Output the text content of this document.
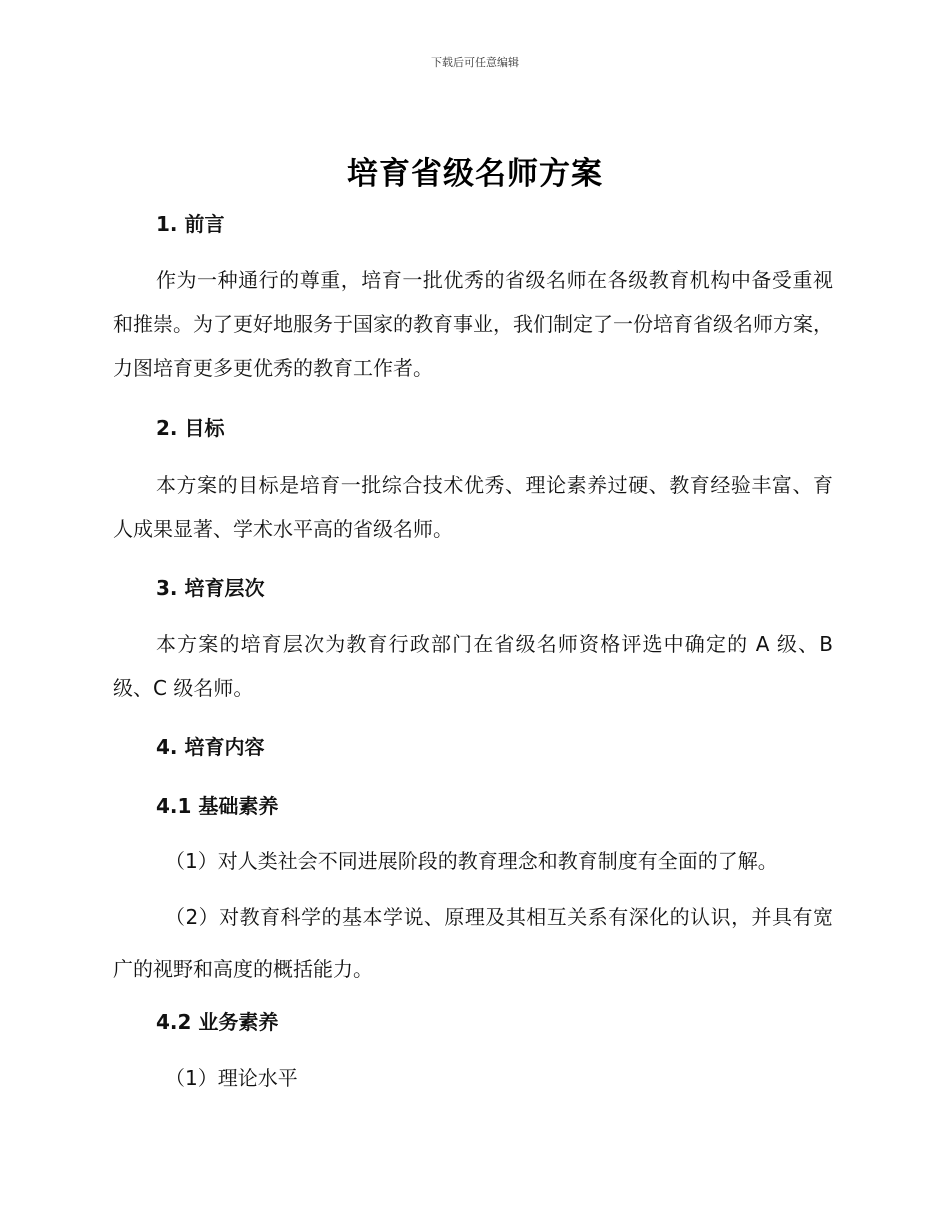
下载后可任意编辑
培育省级名师方案
1. 前言
作为一种通行的尊重，培育一批优秀的省级名师在各级教育机构中备受重视和推崇。为了更好地服务于国家的教育事业，我们制定了一份培育省级名师方案，力图培育更多更优秀的教育工作者。
2. 目标
本方案的目标是培育一批综合技术优秀、理论素养过硬、教育经验丰富、育人成果显著、学术水平高的省级名师。
3. 培育层次
本方案的培育层次为教育行政部门在省级名师资格评选中确定的 A 级、B 级、C 级名师。
4. 培育内容
4.1 基础素养
（1）对人类社会不同进展阶段的教育理念和教育制度有全面的了解。
（2）对教育科学的基本学说、原理及其相互关系有深化的认识，并具有宽广的视野和高度的概括能力。
4.2 业务素养
（1）理论水平
